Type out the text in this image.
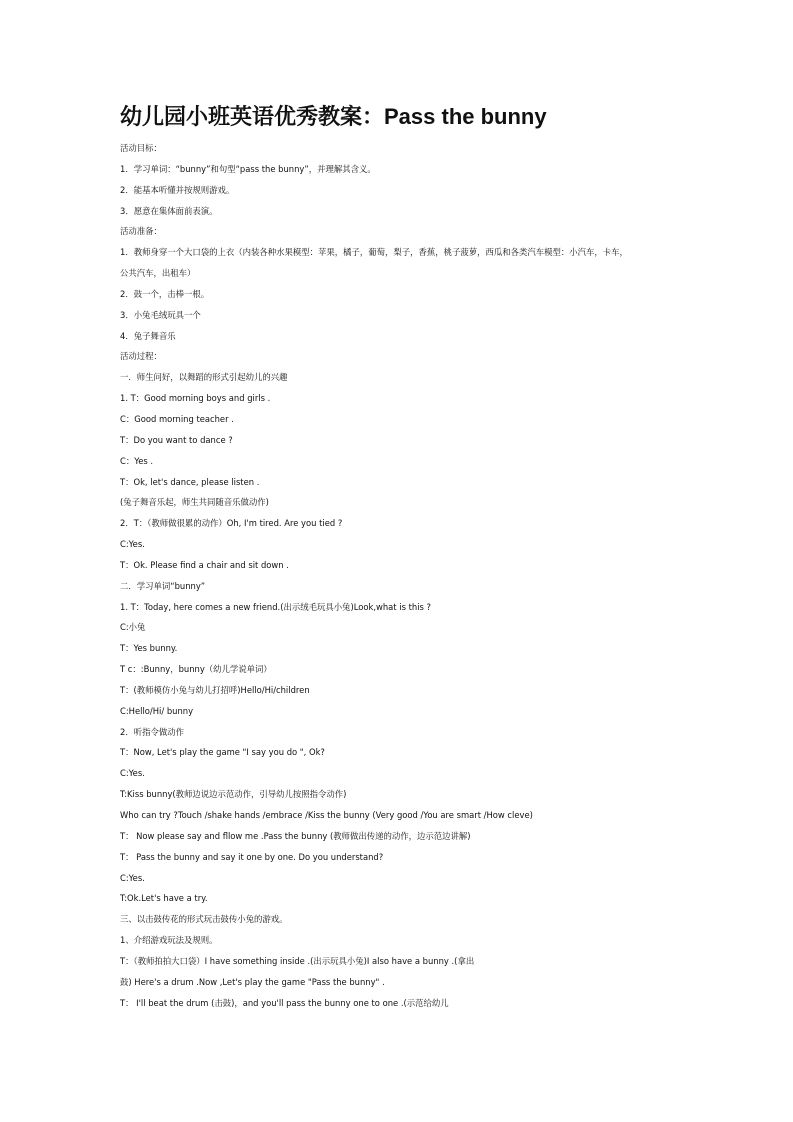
幼儿园小班英语优秀教案：Pass the bunny
活动目标：
1．学习单词：“bunny”和句型“pass the bunny”，并理解其含义。
2．能基本听懂并按规则游戏。
3．愿意在集体面前表演。
活动准备：
1．教师身穿一个大口袋的上衣（内装各种水果模型：苹果，橘子，葡萄，梨子，香蕉，桃子菠萝，西瓜和各类汽车模型：小汽车，卡车，
公共汽车，出租车）
2．鼓一个，击棒一根。
3．小兔毛绒玩具一个
4．兔子舞音乐
活动过程：
一．师生问好，以舞蹈的形式引起幼儿的兴趣
1. T：Good morning boys and girls .
C：Good morning teacher .
T：Do you want to dance ?
C：Yes .
T：Ok, let's dance, please listen .
(兔子舞音乐起，师生共同随音乐做动作)
2．T：（教师做很累的动作）Oh, I'm tired. Are you tied ?
C:Yes.
T：Ok. Please find a chair and sit down .
二．学习单词“bunny”
1. T：Today, here comes a new friend.(出示绒毛玩具小兔)Look,what is this ?
C:小兔
T：Yes bunny.
T c：:Bunny，bunny（幼儿学说单词）
T：(教师模仿小兔与幼儿打招呼)Hello/Hi/children
C:Hello/Hi/ bunny
2．听指令做动作
T：Now, Let's play the game "I say you do ", Ok?
C:Yes.
T:Kiss bunny(教师边说边示范动作，引导幼儿按照指令动作)
Who can try ?Touch /shake hands /embrace /Kiss the bunny (Very good /You are smart /How cleve)
T： Now please say and fllow me .Pass the bunny (教师做出传递的动作，边示范边讲解)
T： Pass the bunny and say it one by one. Do you understand?
C:Yes.
T:Ok.Let's have a try.
三、以击鼓传花的形式玩击鼓传小兔的游戏。
1、介绍游戏玩法及规则。
T：（教师拍拍大口袋）I have something inside .(出示玩具小兔)I also have a bunny .(拿出
鼓) Here's a drum .Now ,Let's play the game "Pass the bunny" .
T： I'll beat the drum (击鼓)，and you'll pass the bunny one to one .(示范给幼儿
